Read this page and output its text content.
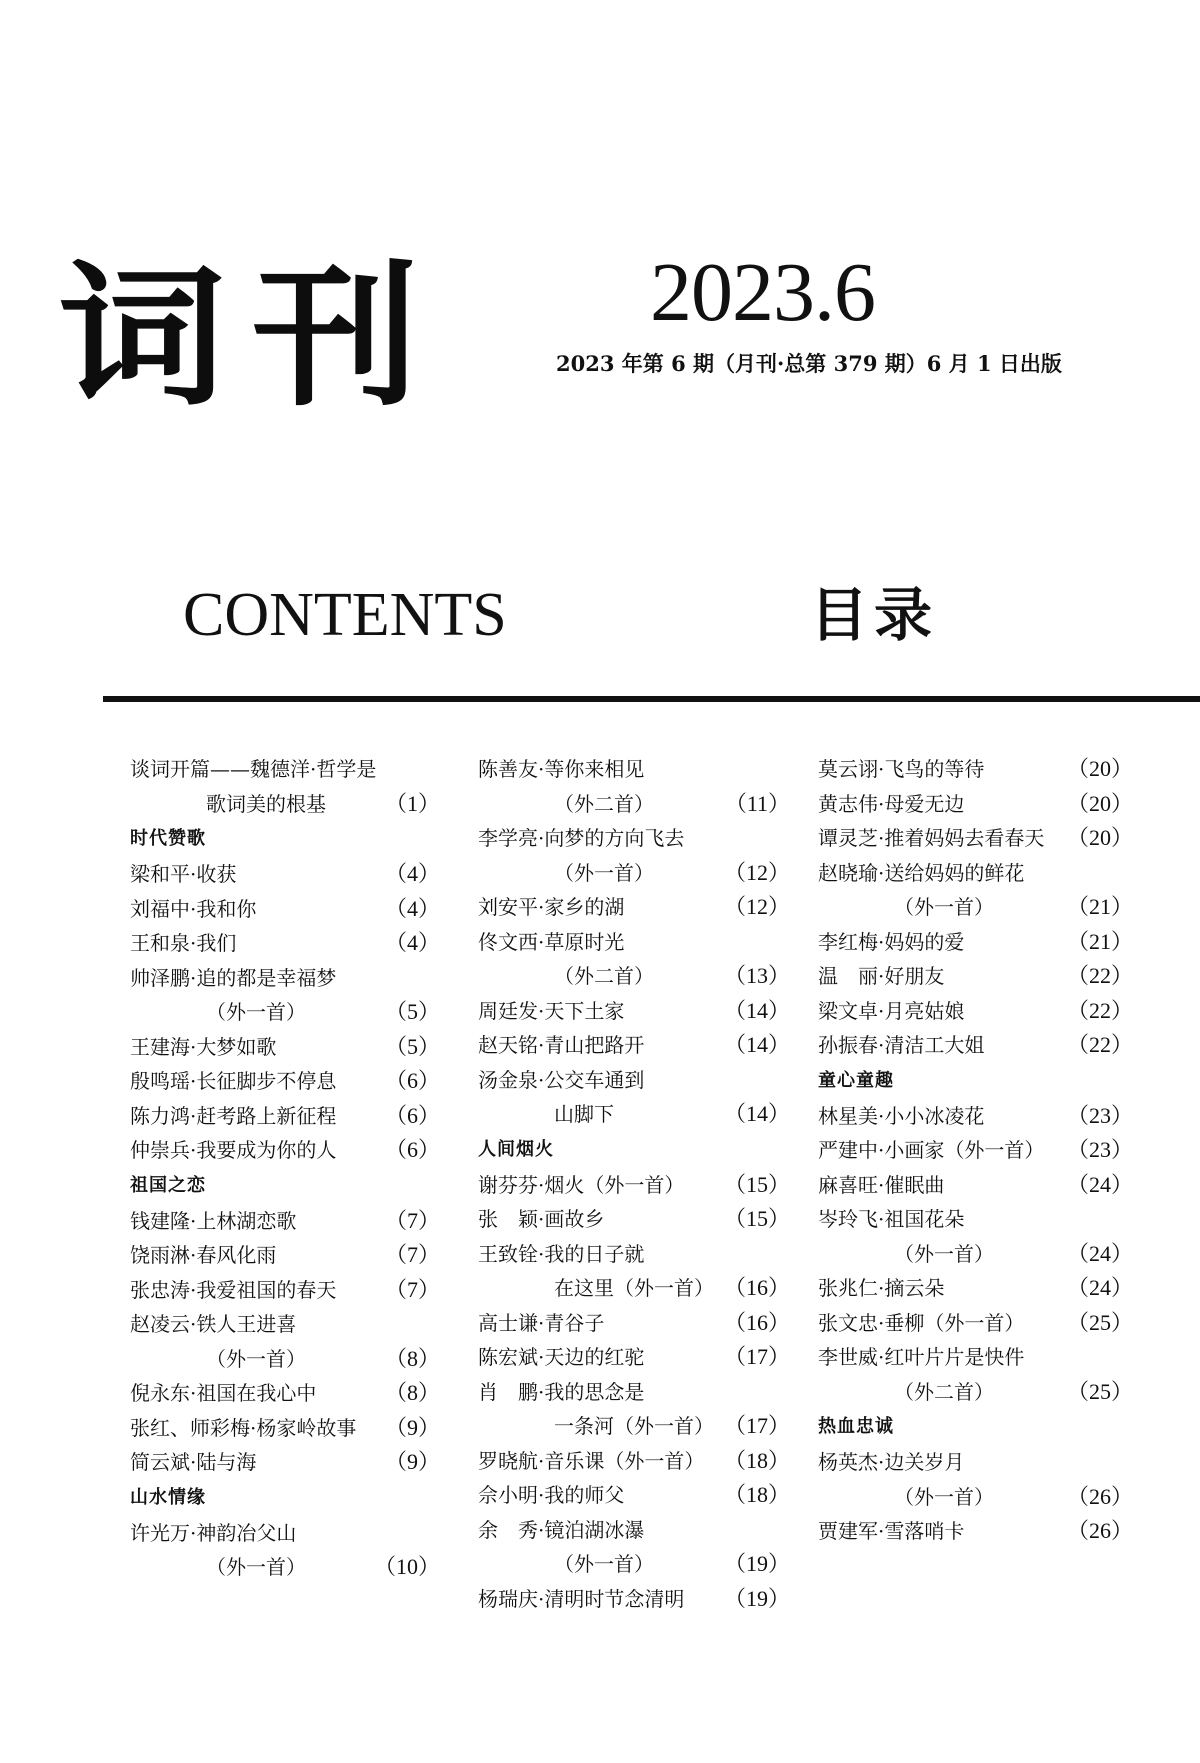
词刊 2023.6
2023 年第 6 期（月刊·总第 379 期）6 月 1 日出版
CONTENTS	目录
谈词开篇——魏德洋·哲学是
歌词美的根基	（1）
时代赞歌
梁和平·收获	（4）
刘福中·我和你	（4）
王和泉·我们	（4）
帅泽鹏·追的都是幸福梦
（外一首）	（5）
王建海·大梦如歌	（5）
殷鸣瑶·长征脚步不停息 （6）
陈力鸿·赶考路上新征程 （6）
仲崇兵·我要成为你的人 （6）
祖国之恋
钱建隆·上林湖恋歌	（7）
饶雨淋·春风化雨	（7）
张忠涛·我爱祖国的春天 （7）
赵凌云·铁人王进喜
（外一首）	（8）
倪永东·祖国在我心中	（8）
张红、师彩梅·杨家岭故事 （9）
简云斌·陆与海	（9）
山水情缘
许光万·神韵冶父山
（外一首）	（10）
陈善友·等你来相见
（外二首）	（11）
李学亮·向梦的方向飞去
（外一首）	（12）
刘安平·家乡的湖	（12）
佟文西·草原时光
（外二首）	（13）
周廷发·天下土家	（14）
赵天铭·青山把路开	（14）
汤金泉·公交车通到
山脚下	（14）
人间烟火
谢芬芬·烟火（外一首） （15）
张　颖·画故乡	（15）
王致铨·我的日子就
在这里（外一首） （16）
高士谦·青谷子	（16）
陈宏斌·天边的红驼	（17）
肖　鹏·我的思念是
一条河（外一首） （17）
罗晓航·音乐课（外一首） （18）
佘小明·我的师父	（18）
余　秀·镜泊湖冰瀑
（外一首）	（19）
杨瑞庆·清明时节念清明 （19）
莫云诩·飞鸟的等待	（20）
黄志伟·母爱无边	（20）
谭灵芝·推着妈妈去看春天 （20）
赵晓瑜·送给妈妈的鲜花
（外一首）	（21）
李红梅·妈妈的爱	（21）
温　丽·好朋友	（22）
梁文卓·月亮姑娘	（22）
孙振春·清洁工大姐	（22）
童心童趣
林星美·小小冰凌花	（23）
严建中·小画家（外一首） （23）
麻喜旺·催眠曲	（24）
岑玲飞·祖国花朵
（外一首）	（24）
张兆仁·摘云朵	（24）
张文忠·垂柳（外一首） （25）
李世威·红叶片片是快件
（外二首）	（25）
热血忠诚
杨英杰·边关岁月
（外一首）	（26）
贾建军·雪落哨卡	（26）
